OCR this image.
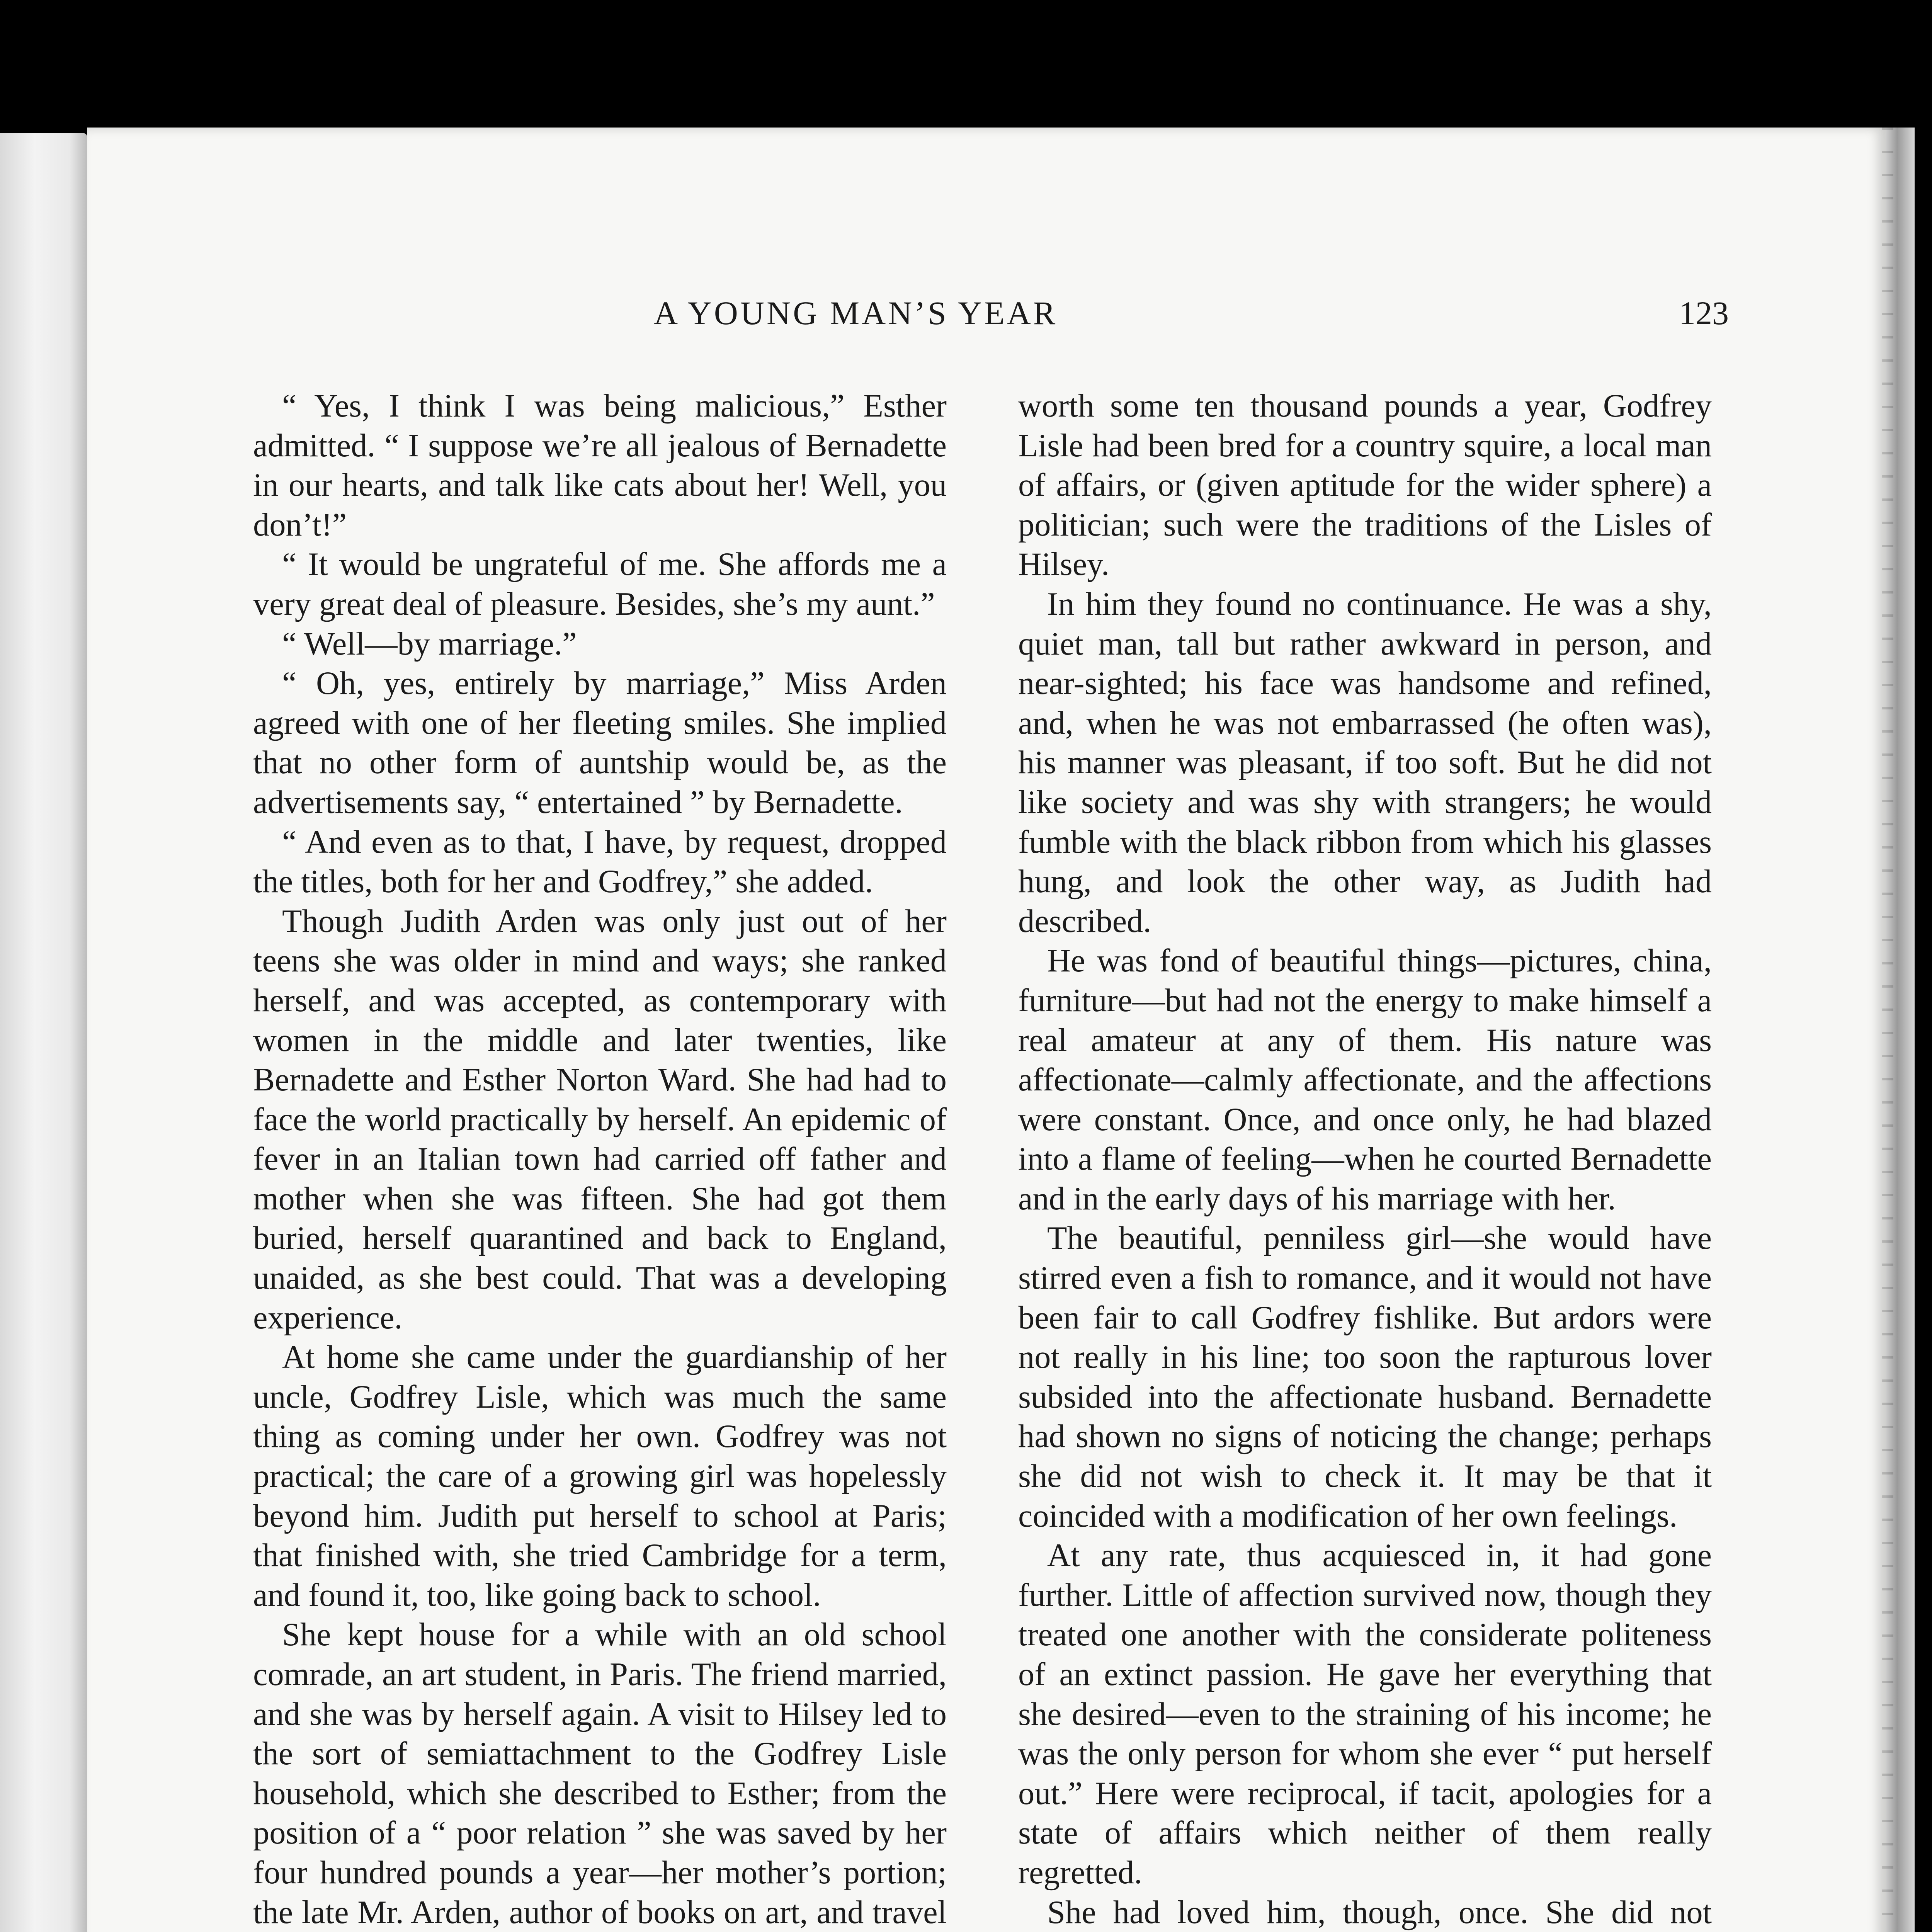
A YOUNG MAN’S YEAR	123

“ Yes, I think I was being malicious,” Esther admitted. “ I suppose we’re all jealous of Bernadette in our hearts, and talk like cats about her! Well, you don’t!”

“ It would be ungrateful of me. She affords me a very great deal of pleasure. Besides, she’s my aunt.”

“ Well—by marriage.”

“ Oh, yes, entirely by marriage,” Miss Arden agreed with one of her fleeting smiles. She implied that no other form of auntship would be, as the advertisements say, “ entertained ” by Bernadette.

“ And even as to that, I have, by request, dropped the titles, both for her and Godfrey,” she added.

Though Judith Arden was only just out of her teens she was older in mind and ways; she ranked herself, and was accepted, as contemporary with women in the middle and later twenties, like Bernadette and Esther Norton Ward. She had had to face the world practically by herself. An epidemic of fever in an Italian town had carried off father and mother when she was fifteen. She had got them buried, herself quarantined and back to England, unaided, as she best could. That was a developing experience.

At home she came under the guardianship of her uncle, Godfrey Lisle, which was much the same thing as coming under her own. Godfrey was not practical; the care of a growing girl was hopelessly beyond him. Judith put herself to school at Paris; that finished with, she tried Cambridge for a term, and found it, too, like going back to school.

She kept house for a while with an old school comrade, an art student, in Paris. The friend married, and she was by herself again. A visit to Hilsey led to the sort of semiattachment to the Godfrey Lisle household, which she described to Esther; from the position of a “ poor relation ” she was saved by her four hundred pounds a year—her mother’s portion; the late Mr. Arden, author of books on art, and travel

worth some ten thousand pounds a year, Godfrey Lisle had been bred for a country squire, a local man of affairs, or (given aptitude for the wider sphere) a politician; such were the traditions of the Lisles of Hilsey.

In him they found no continuance. He was a shy, quiet man, tall but rather awkward in person, and near-sighted; his face was handsome and refined, and, when he was not embarrassed (he often was), his manner was pleasant, if too soft. But he did not like society and was shy with strangers; he would fumble with the black ribbon from which his glasses hung, and look the other way, as Judith had described.

He was fond of beautiful things—pictures, china, furniture—but had not the energy to make himself a real amateur at any of them. His nature was affectionate—calmly affectionate, and the affections were constant. Once, and once only, he had blazed into a flame of feeling—when he courted Bernadette and in the early days of his marriage with her.

The beautiful, penniless girl—she would have stirred even a fish to romance, and it would not have been fair to call Godfrey fishlike. But ardors were not really in his line; too soon the rapturous lover subsided into the affectionate husband. Bernadette had shown no signs of noticing the change; perhaps she did not wish to check it. It may be that it coincided with a modification of her own feelings.

At any rate, thus acquiesced in, it had gone further. Little of affection survived now, though they treated one another with the considerate politeness of an extinct passion. He gave her everything that she desired—even to the straining of his income; he was the only person for whom she ever “ put herself out.” Here were reciprocal, if tacit, apologies for a state of affairs which neither of them really regretted.

She had loved him, though, once. She did not
